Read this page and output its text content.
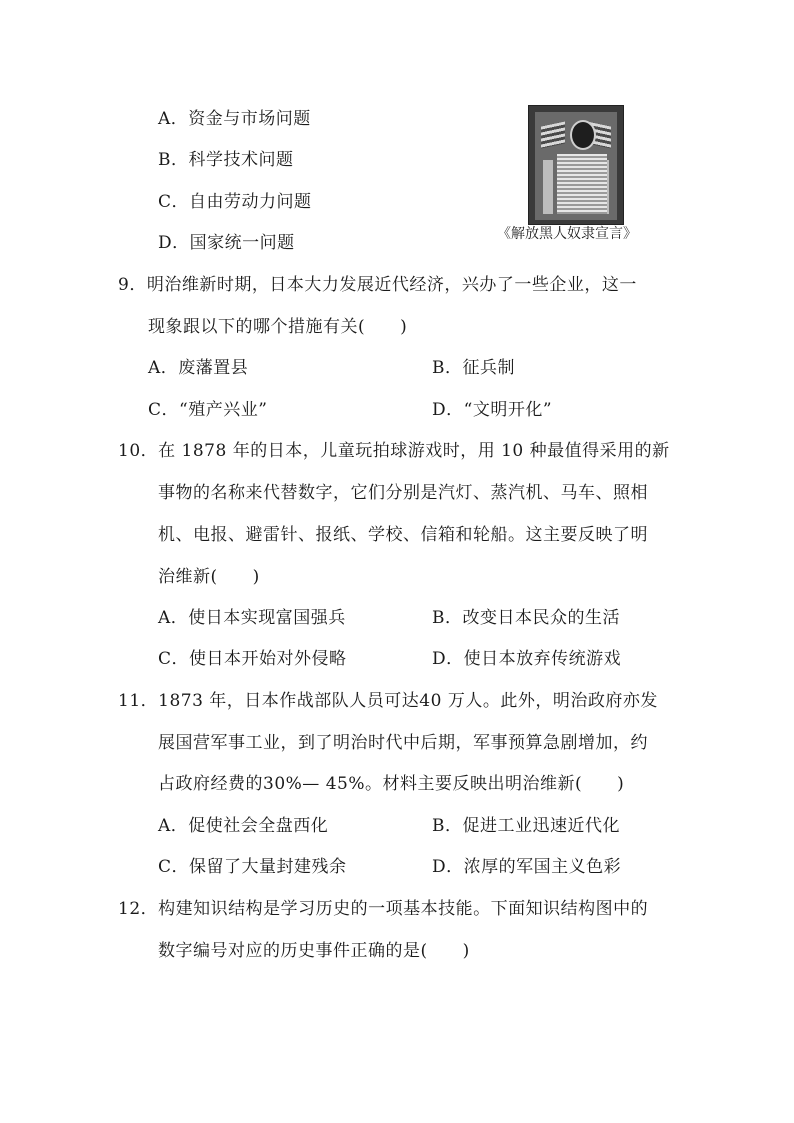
A．资金与市场问题
B．科学技术问题
C．自由劳动力问题
D．国家统一问题	《解放黑人奴隶宣言》
9．明治维新时期，日本大力发展近代经济，兴办了一些企业，这一
现象跟以下的哪个措施有关(　　)
A．废藩置县	B．征兵制
C．“殖产兴业”	D．“文明开化”
10．在 1878 年的日本，儿童玩拍球游戏时，用 10 种最值得采用的新
事物的名称来代替数字，它们分别是汽灯、蒸汽机、马车、照相
机、电报、避雷针、报纸、学校、信箱和轮船。这主要反映了明
治维新(　　)
A．使日本实现富国强兵	B．改变日本民众的生活
C．使日本开始对外侵略	D．使日本放弃传统游戏
11．1873 年，日本作战部队人员可达40 万人。此外，明治政府亦发
展国营军事工业，到了明治时代中后期，军事预算急剧增加，约
占政府经费的30%— 45%。材料主要反映出明治维新(　　)
A．促使社会全盘西化	B．促进工业迅速近代化
C．保留了大量封建残余	D．浓厚的军国主义色彩
12．构建知识结构是学习历史的一项基本技能。下面知识结构图中的
数字编号对应的历史事件正确的是(　　)
